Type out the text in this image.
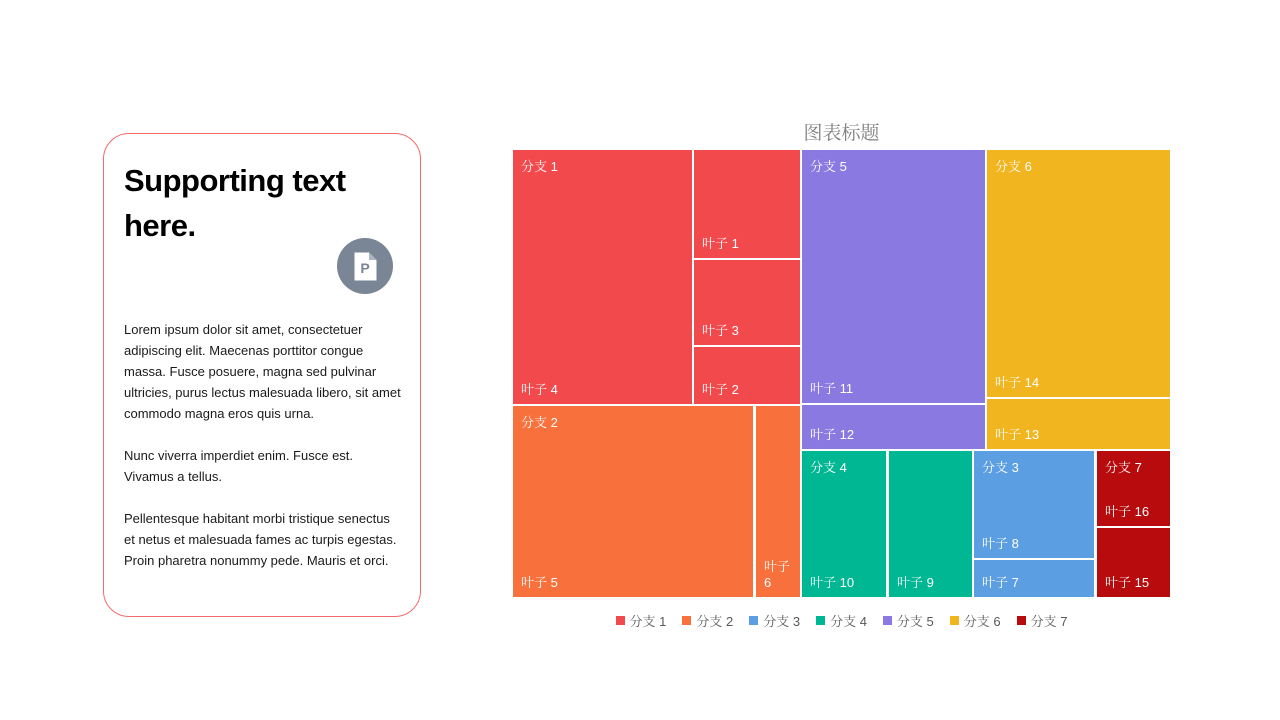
Supporting text here.
P

Lorem ipsum dolor sit amet, consectetuer adipiscing elit. Maecenas porttitor congue massa. Fusce posuere, magna sed pulvinar ultricies, purus lectus malesuada libero, sit amet commodo magna eros quis urna.

Nunc viverra imperdiet enim. Fusce est. Vivamus a tellus.

Pellentesque habitant morbi tristique senectus et netus et malesuada fames ac turpis egestas. Proin pharetra nonummy pede. Mauris et orci.

图表标题
分支 1
叶子 4
叶子 1
叶子 3
叶子 2
分支 2
叶子 5
叶子 6
分支 5
叶子 11
叶子 12
分支 6
叶子 14
叶子 13
分支 4
叶子 10	叶子 9
分支 3
叶子 8
叶子 7
分支 7
叶子 16
叶子 15
分支 1 分支 2 分支 3 分支 4 分支 5 分支 6 分支 7
